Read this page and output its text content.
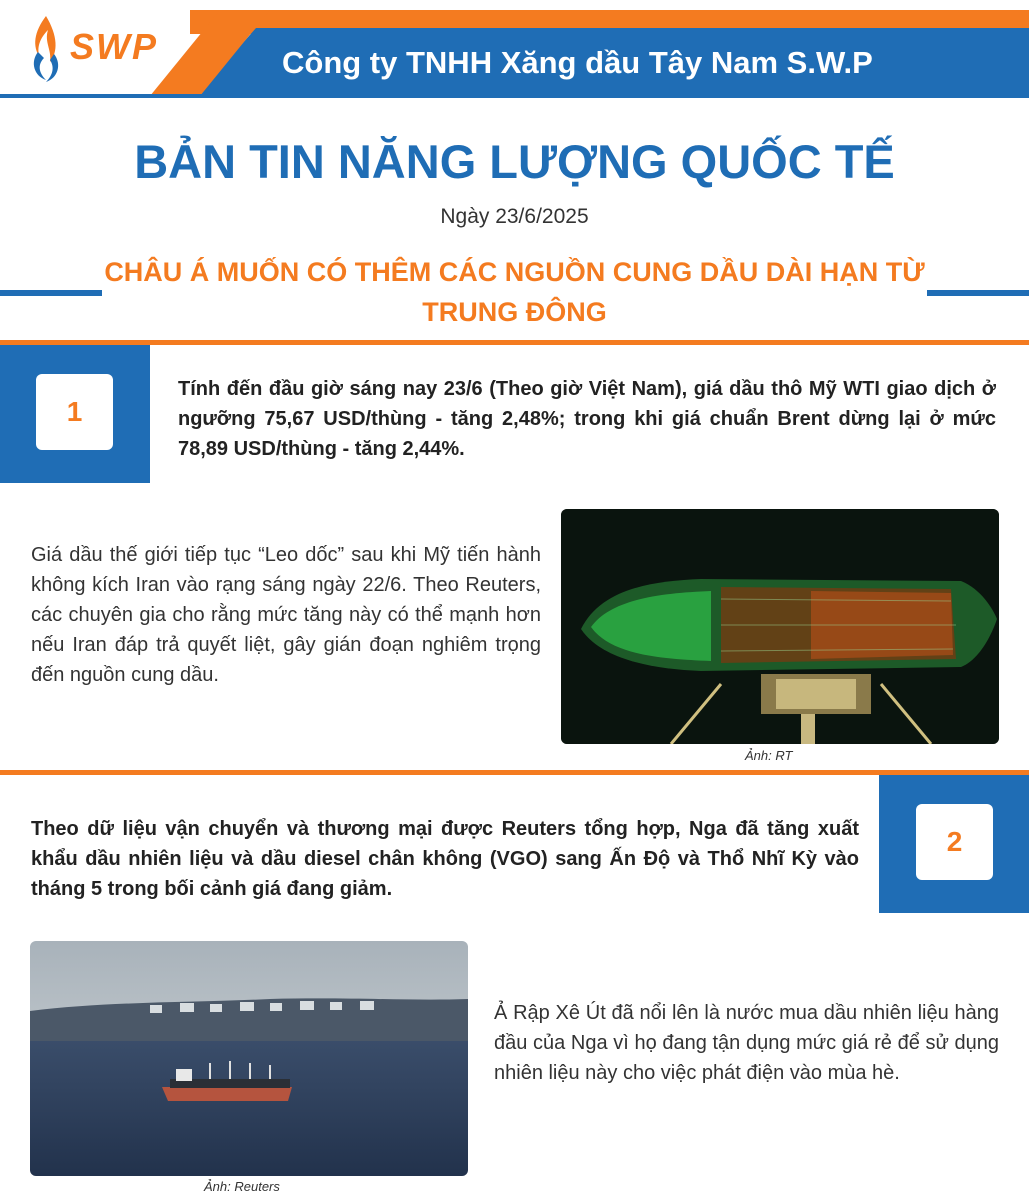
SWP	Công ty TNHH Xăng dầu Tây Nam S.W.P
BẢN TIN NĂNG LƯỢNG QUỐC TẾ
Ngày 23/6/2025
CHÂU Á MUỐN CÓ THÊM CÁC NGUỒN CUNG DẦU DÀI HẠN TỪ TRUNG ĐÔNG
1
Tính đến đầu giờ sáng nay 23/6 (Theo giờ Việt Nam), giá dầu thô Mỹ WTI giao dịch ở ngưỡng 75,67 USD/thùng - tăng 2,48%; trong khi giá chuẩn Brent dừng lại ở mức 78,89 USD/thùng - tăng 2,44%.
Giá dầu thế giới tiếp tục “Leo dốc” sau khi Mỹ tiến hành không kích Iran vào rạng sáng ngày 22/6. Theo Reuters, các chuyên gia cho rằng mức tăng này có thể mạnh hơn nếu Iran đáp trả quyết liệt, gây gián đoạn nghiêm trọng đến nguồn cung dầu.
Ảnh: RT
2
Theo dữ liệu vận chuyển và thương mại được Reuters tổng hợp, Nga đã tăng xuất khẩu dầu nhiên liệu và dầu diesel chân không (VGO) sang Ấn Độ và Thổ Nhĩ Kỳ vào tháng 5 trong bối cảnh giá đang giảm.
Ảnh: Reuters
Ả Rập Xê Út đã nổi lên là nước mua dầu nhiên liệu hàng đầu của Nga vì họ đang tận dụng mức giá rẻ để sử dụng nhiên liệu này cho việc phát điện vào mùa hè.
